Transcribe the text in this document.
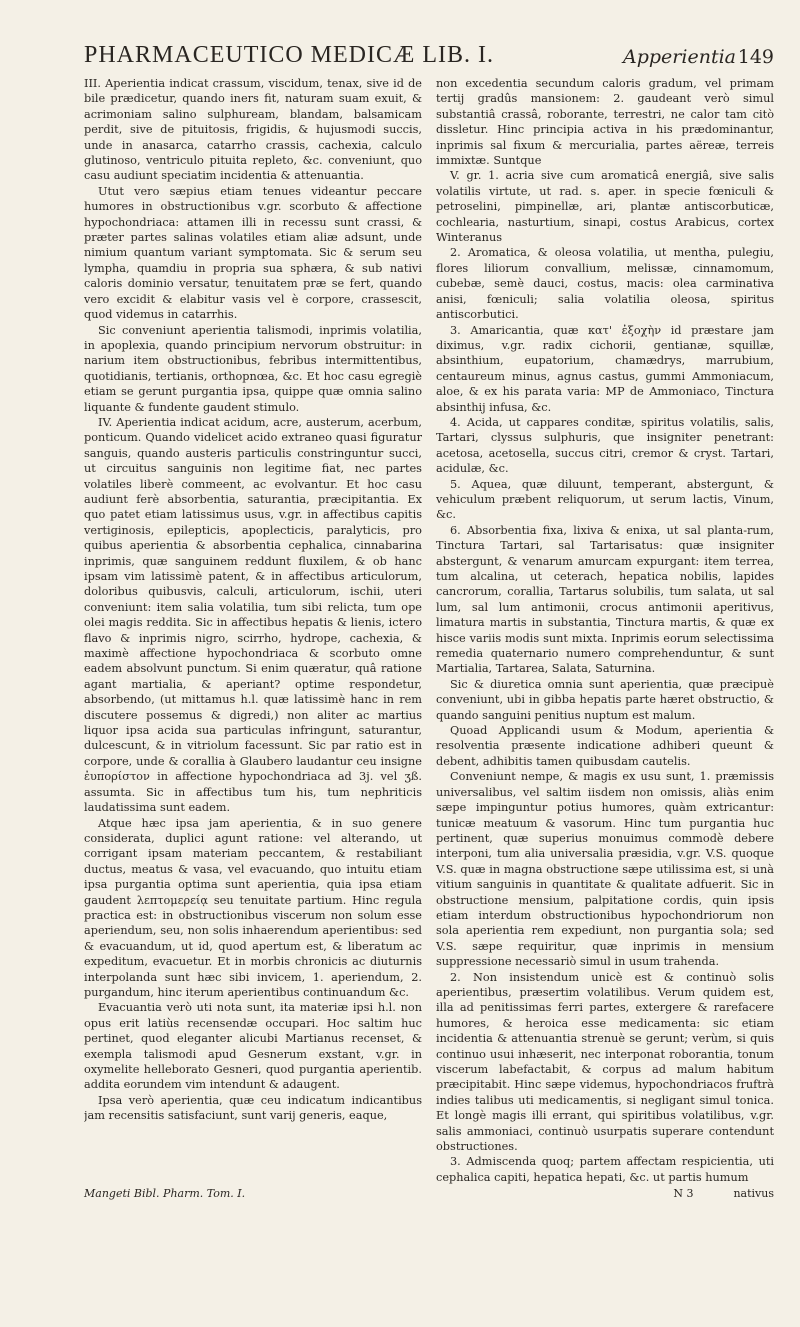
PHARMACEUTICO MEDICÆ LIB. I.	Apperientia 149

III. Aperientia indicat crassum, viscidum, tenax, sive id de bile prædicetur, quando iners fit, naturam suam exuit, & acrimoniam salino sulphuream, blandam, balsamicam perdit, sive de pituitosis, frigidis, & hujusmodi succis, unde in anasarca, catarrho crassis, cachexia, calculo glutinoso, ventriculo pituita repleto, &c. conveniunt, quo casu audiunt speciatim incidentia & attenuantia.

Utut vero sæpius etiam tenues videantur peccare humores in obstructionibus v.gr. scorbuto & affectione hypochondriaca: attamen illi in recessu sunt crassi, & præter partes salinas volatiles etiam aliæ adsunt, unde nimium quantum variant symptomata. Sic & serum seu lympha, quamdiu in propria sua sphæra, & sub nativi caloris dominio versatur, tenuitatem præ se fert, quando vero excidit & elabitur vasis vel è corpore, crassescit, quod videmus in catarrhis.

Sic conveniunt aperientia talismodi, inprimis volatilia, in apoplexia, quando principium nervorum obstruitur: in narium item obstructionibus, febribus intermittentibus, quotidianis, tertianis, orthopnœa, &c. Et hoc casu egregiè etiam se gerunt purgantia ipsa, quippe quæ omnia salino liquante & fundente gaudent stimulo.

IV. Aperientia indicat acidum, acre, austerum, acerbum, ponticum. Quando videlicet acido extraneo quasi figuratur sanguis, quando austeris particulis constringuntur succi, ut circuitus sanguinis non legitime fiat, nec partes volatiles liberè commeent, ac evolvantur. Et hoc casu audiunt ferè absorbentia, saturantia, præcipitantia. Ex quo patet etiam latissimus usus, v.gr. in affectibus capitis vertiginosis, epilepticis, apoplecticis, paralyticis, pro quibus aperientia & absorbentia cephalica, cinnabarina inprimis, quæ sanguinem reddunt fluxilem, & ob hanc ipsam vim latissimè patent, & in affectibus articulorum, doloribus quibusvis, calculi, articulorum, ischii, uteri conveniunt: item salia volatilia, tum sibi relicta, tum ope olei magis reddita. Sic in affectibus hepatis & lienis, ictero flavo & inprimis nigro, scirrho, hydrope, cachexia, & maximè affectione hypochondriaca & scorbuto omne eadem absolvunt punctum. Si enim quæratur, quâ ratione agant martialia, & aperiant? optime respondetur, absorbendo, (ut mittamus h.l. quæ latissimè hanc in rem discutere possemus & digredi,) non aliter ac martius liquor ipsa acida sua particulas infringunt, saturantur, dulcescunt, & in vitriolum facessunt. Sic par ratio est in corpore, unde & corallia à Glaubero laudantur ceu insigne ἐυπορίστον in affectione hypochondriaca ad 3j. vel ʒß. assumta. Sic in affectibus tum his, tum nephriticis laudatissima sunt eadem.

Atque hæc ipsa jam aperientia, & in suo genere considerata, duplici agunt ratione: vel alterando, ut corrigant ipsam materiam peccantem, & restabiliant ductus, meatus & vasa, vel evacuando, quo intuitu etiam ipsa purgantia optima sunt aperientia, quia ipsa etiam gaudent λεπτομερείᾳ seu tenuitate partium. Hinc regula practica est: in obstructionibus viscerum non solum esse aperiendum, seu, non solis inhaerendum aperientibus: sed & evacuandum, ut id, quod apertum est, & liberatum ac expeditum, evacuetur. Et in morbis chronicis ac diuturnis interpolanda sunt hæc sibi invicem, 1. aperiendum, 2. purgandum, hinc iterum aperientibus continuandum &c.

Evacuantia verò uti nota sunt, ita materiæ ipsi h.l. non opus erit latiùs recensendæ occupari. Hoc saltim huc pertinet, quod eleganter alicubi Martianus recenset, & exempla talismodi apud Gesnerum exstant, v.gr. in oxymelite helleborato Gesneri, quod purgantia aperientib. addita eorundem vim intendunt & adaugent.

Ipsa verò aperientia, quæ ceu indicatum indicantibus jam recensitis satisfaciunt, sunt varij generis, eaque,

non excedentia secundum caloris gradum, vel primam tertij gradûs mansionem: 2. gaudeant verò simul substantiâ crassâ, roborante, terrestri, ne calor tam citò dissletur. Hinc principia activa in his prædominantur, inprimis sal fixum & mercurialia, partes aëreæ, terreis immixtæ. Suntque

V. gr. 1. acria sive cum aromaticâ energiâ, sive salis volatilis virtute, ut rad. s. aper. in specie fœniculi & petroselini, pimpinellæ, ari, plantæ antiscorbuticæ, cochlearia, nasturtium, sinapi, costus Arabicus, cortex Winteranus

2. Aromatica, & oleosa volatilia, ut mentha, pulegiu, flores liliorum convallium, melissæ, cinnamomum, cubebæ, semè dauci, costus, macis: olea carminativa anisi, fœniculi; salia volatilia oleosa, spiritus antiscorbutici.

3. Amaricantia, quæ κατ' ἐξοχὴν id præstare jam diximus, v.gr. radix cichorii, gentianæ, squillæ, absinthium, eupatorium, chamædrys, marrubium, centaureum minus, agnus castus, gummi Ammoniacum, aloe, & ex his parata varia: MP de Ammoniaco, Tinctura absinthij infusa, &c.

4. Acida, ut cappares conditæ, spiritus volatilis, salis, Tartari, clyssus sulphuris, que insigniter penetrant: acetosa, acetosella, succus citri, cremor & cryst. Tartari, acidulæ, &c.

5. Aquea, quæ diluunt, temperant, abstergunt, & vehiculum præbent reliquorum, ut serum lactis, Vinum, &c.

6. Absorbentia fixa, lixiva & enixa, ut sal planta-rum, Tinctura Tartari, sal Tartarisatus: quæ insigniter abstergunt, & venarum amurcam expurgant: item terrea, tum alcalina, ut ceterach, hepatica nobilis, lapides cancrorum, corallia, Tartarus solubilis, tum salata, ut sal lum, sal lum antimonii, crocus antimonii aperitivus, limatura martis in substantia, Tinctura martis, & quæ ex hisce variis modis sunt mixta. Inprimis eorum selectissima remedia quaternario numero comprehenduntur, & sunt Martialia, Tartarea, Salata, Saturnina.

Sic & diuretica omnia sunt aperientia, quæ præcipuè conveniunt, ubi in gibba hepatis parte hæret obstructio, & quando sanguini penitius nuptum est malum.

Quoad Applicandi usum & Modum, aperientia & resolventia præsente indicatione adhiberi queunt & debent, adhibitis tamen quibusdam cautelis.

Conveniunt nempe, & magis ex usu sunt, 1. præmissis universalibus, vel saltim iisdem non omissis, aliàs enim sæpe impinguntur potius humores, quàm extricantur: tunicæ meatuum & vasorum. Hinc tum purgantia huc pertinent, quæ superius monuimus commodè debere interponi, tum alia universalia præsidia, v.gr. V.S. quoque V.S. quæ in magna obstructione sæpe utilissima est, si unà vitium sanguinis in quantitate & qualitate adfuerit. Sic in obstructione mensium, palpitatione cordis, quin ipsis etiam interdum obstructionibus hypochondriorum non sola aperientia rem expediunt, non purgantia sola; sed V.S. sæpe requiritur, quæ inprimis in mensium suppressione necessariò simul in usum trahenda.

2. Non insistendum unicè est & continuò solis aperientibus, præsertim volatilibus. Verum quidem est, illa ad penitissimas ferri partes, extergere & rarefacere humores, & heroica esse medicamenta: sic etiam incidentia & attenuantia strenuè se gerunt; verùm, si quis continuo usui inhæserit, nec interponat roborantia, tonum viscerum labefactabit, & corpus ad malum habitum præcipitabit. Hinc sæpe videmus, hypochondriacos fruftrà indies talibus uti medicamentis, si negligant simul tonica. Et longè magis illi errant, qui spiritibus volatilibus, v.gr. salis ammoniaci, continuò usurpatis superare contendunt obstructiones.

3. Admiscenda quoq; partem affectam respicientia, uti cephalica capiti, hepatica hepati, &c. ut partis humum

Mangeti Bibl. Pharm. Tom. I.	N 3	nativus
